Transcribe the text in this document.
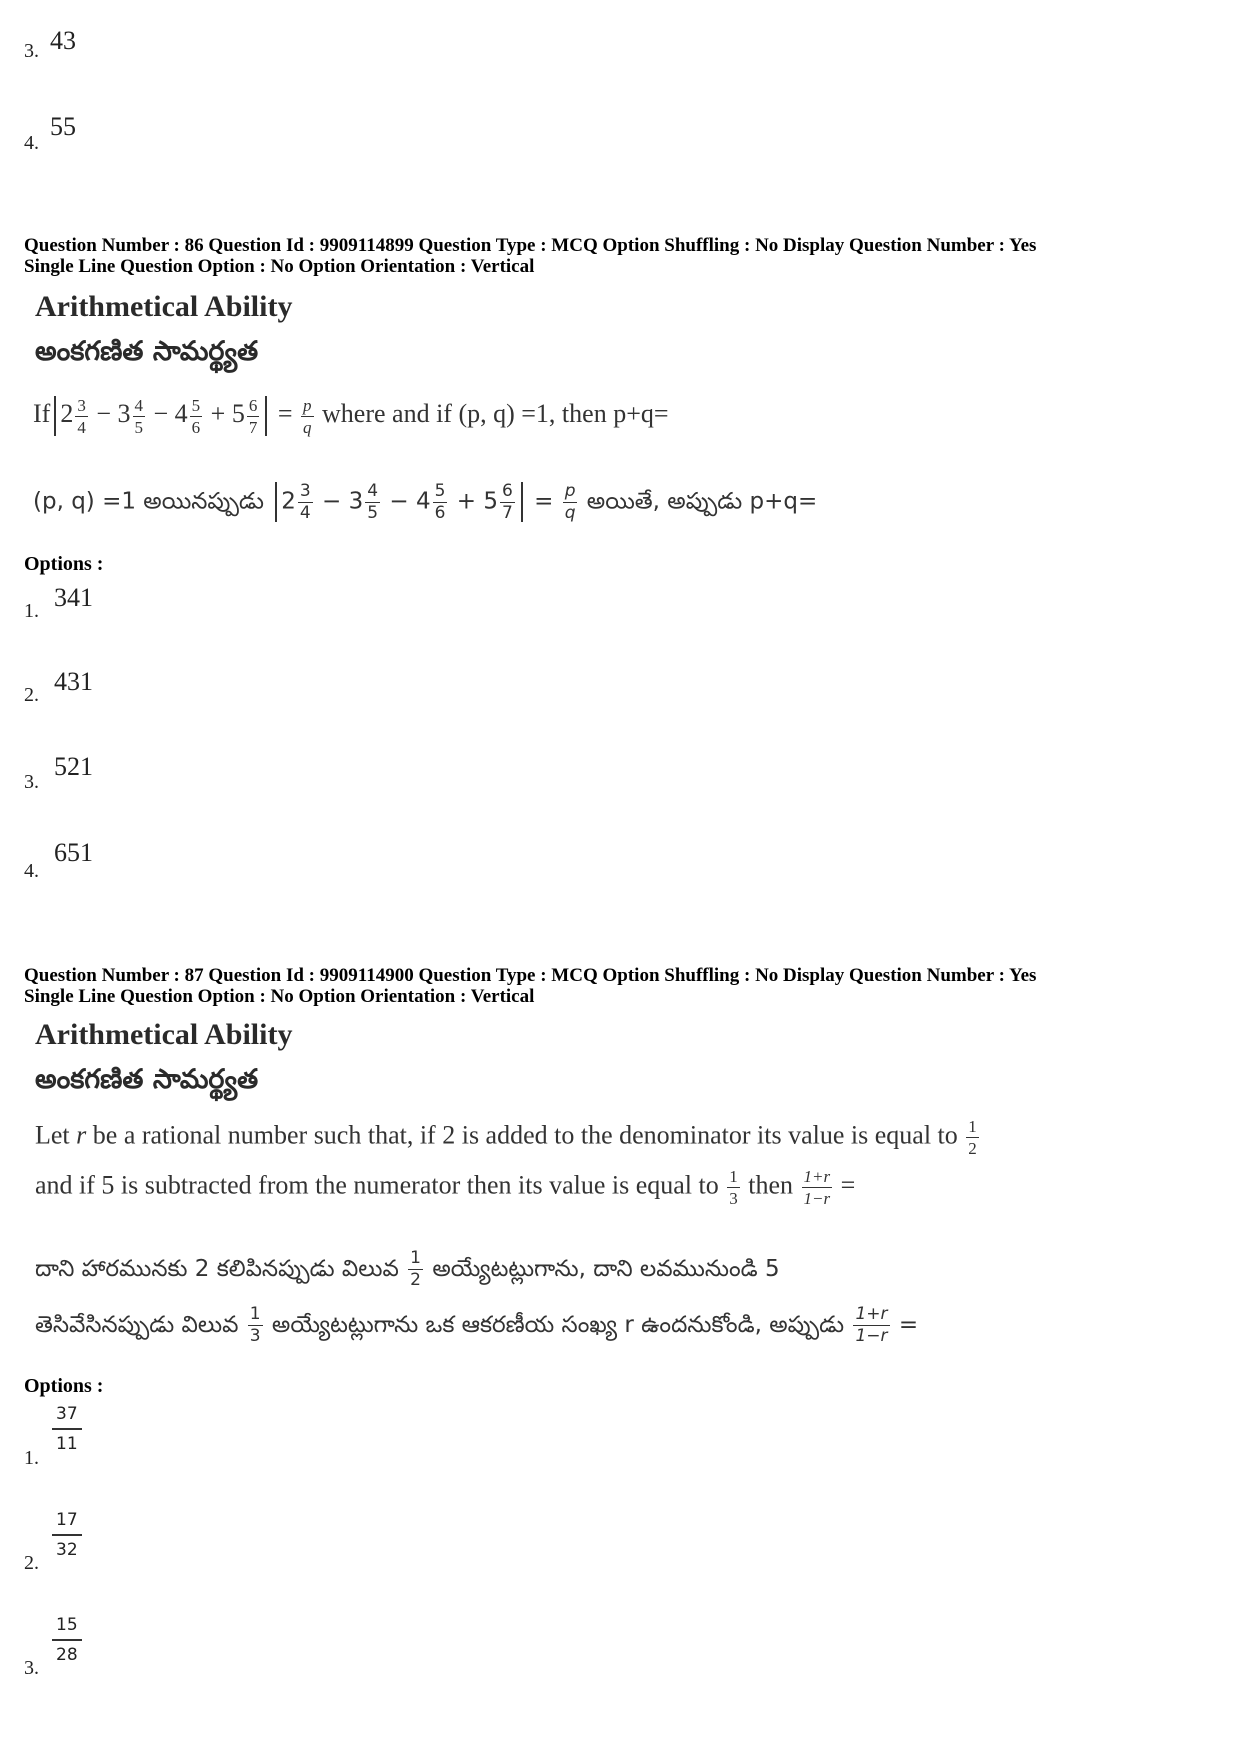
3. 43
4.
55
Question Number : 86 Question Id : 9909114899 Question Type : MCQ Option Shuffling : No Display Question Number : Yes
Single Line Question Option : No Option Orientation : Vertical
Arithmetical Ability
అంకగణిత సామర్థ్యత
If $2 \frac{3}{4} - 3 \frac{4}{5} - 4 \frac{5}{6} + 5 \frac{6}{7} = \frac{p}{q}$ where and if (p, q) =1, then p+q=
(p, q) =1 అయినప్పుడు $2 \frac{3}{4} - 3 \frac{4}{5} - 4 \frac{5}{6} + 5 \frac{6}{7} = \frac{p}{q}$ అయితే, అప్పుడు p+q=
Options :
1. 341
2. 431
3.
521
4.
651
Question Number : 87 Question Id : 9909114900 Question Type : MCQ Option Shuffling : No Display Question Number : Yes
Single Line Question Option : No Option Orientation : Vertical
Arithmetical Ability
అంకగణిత సామర్థ్యత
Let r be a rational number such that, if 2 is added to the denominator its value is equal to $\frac{1}{2}$
and if 5 is subtracted from the numerator then its value is equal to $\frac{1}{3}$ then $\frac{1+r}{1-r}$ =
దాని హారమునకు 2 కలిపినప్పుడు విలువ $\frac{1}{2}$ అయ్యేటట్లుగాను, దాని లవమునుండి 5
తెసివేసినప్పుడు విలువ $\frac{1}{3}$ అయ్యేటట్లుగాను ఒక ఆకరణీయ సంఖ్య r ఉందనుకోండి, అప్పుడు $\frac{1+r}{1-r}$ =
Options :
1.
37
11
2.
17
32
3.
15
28
